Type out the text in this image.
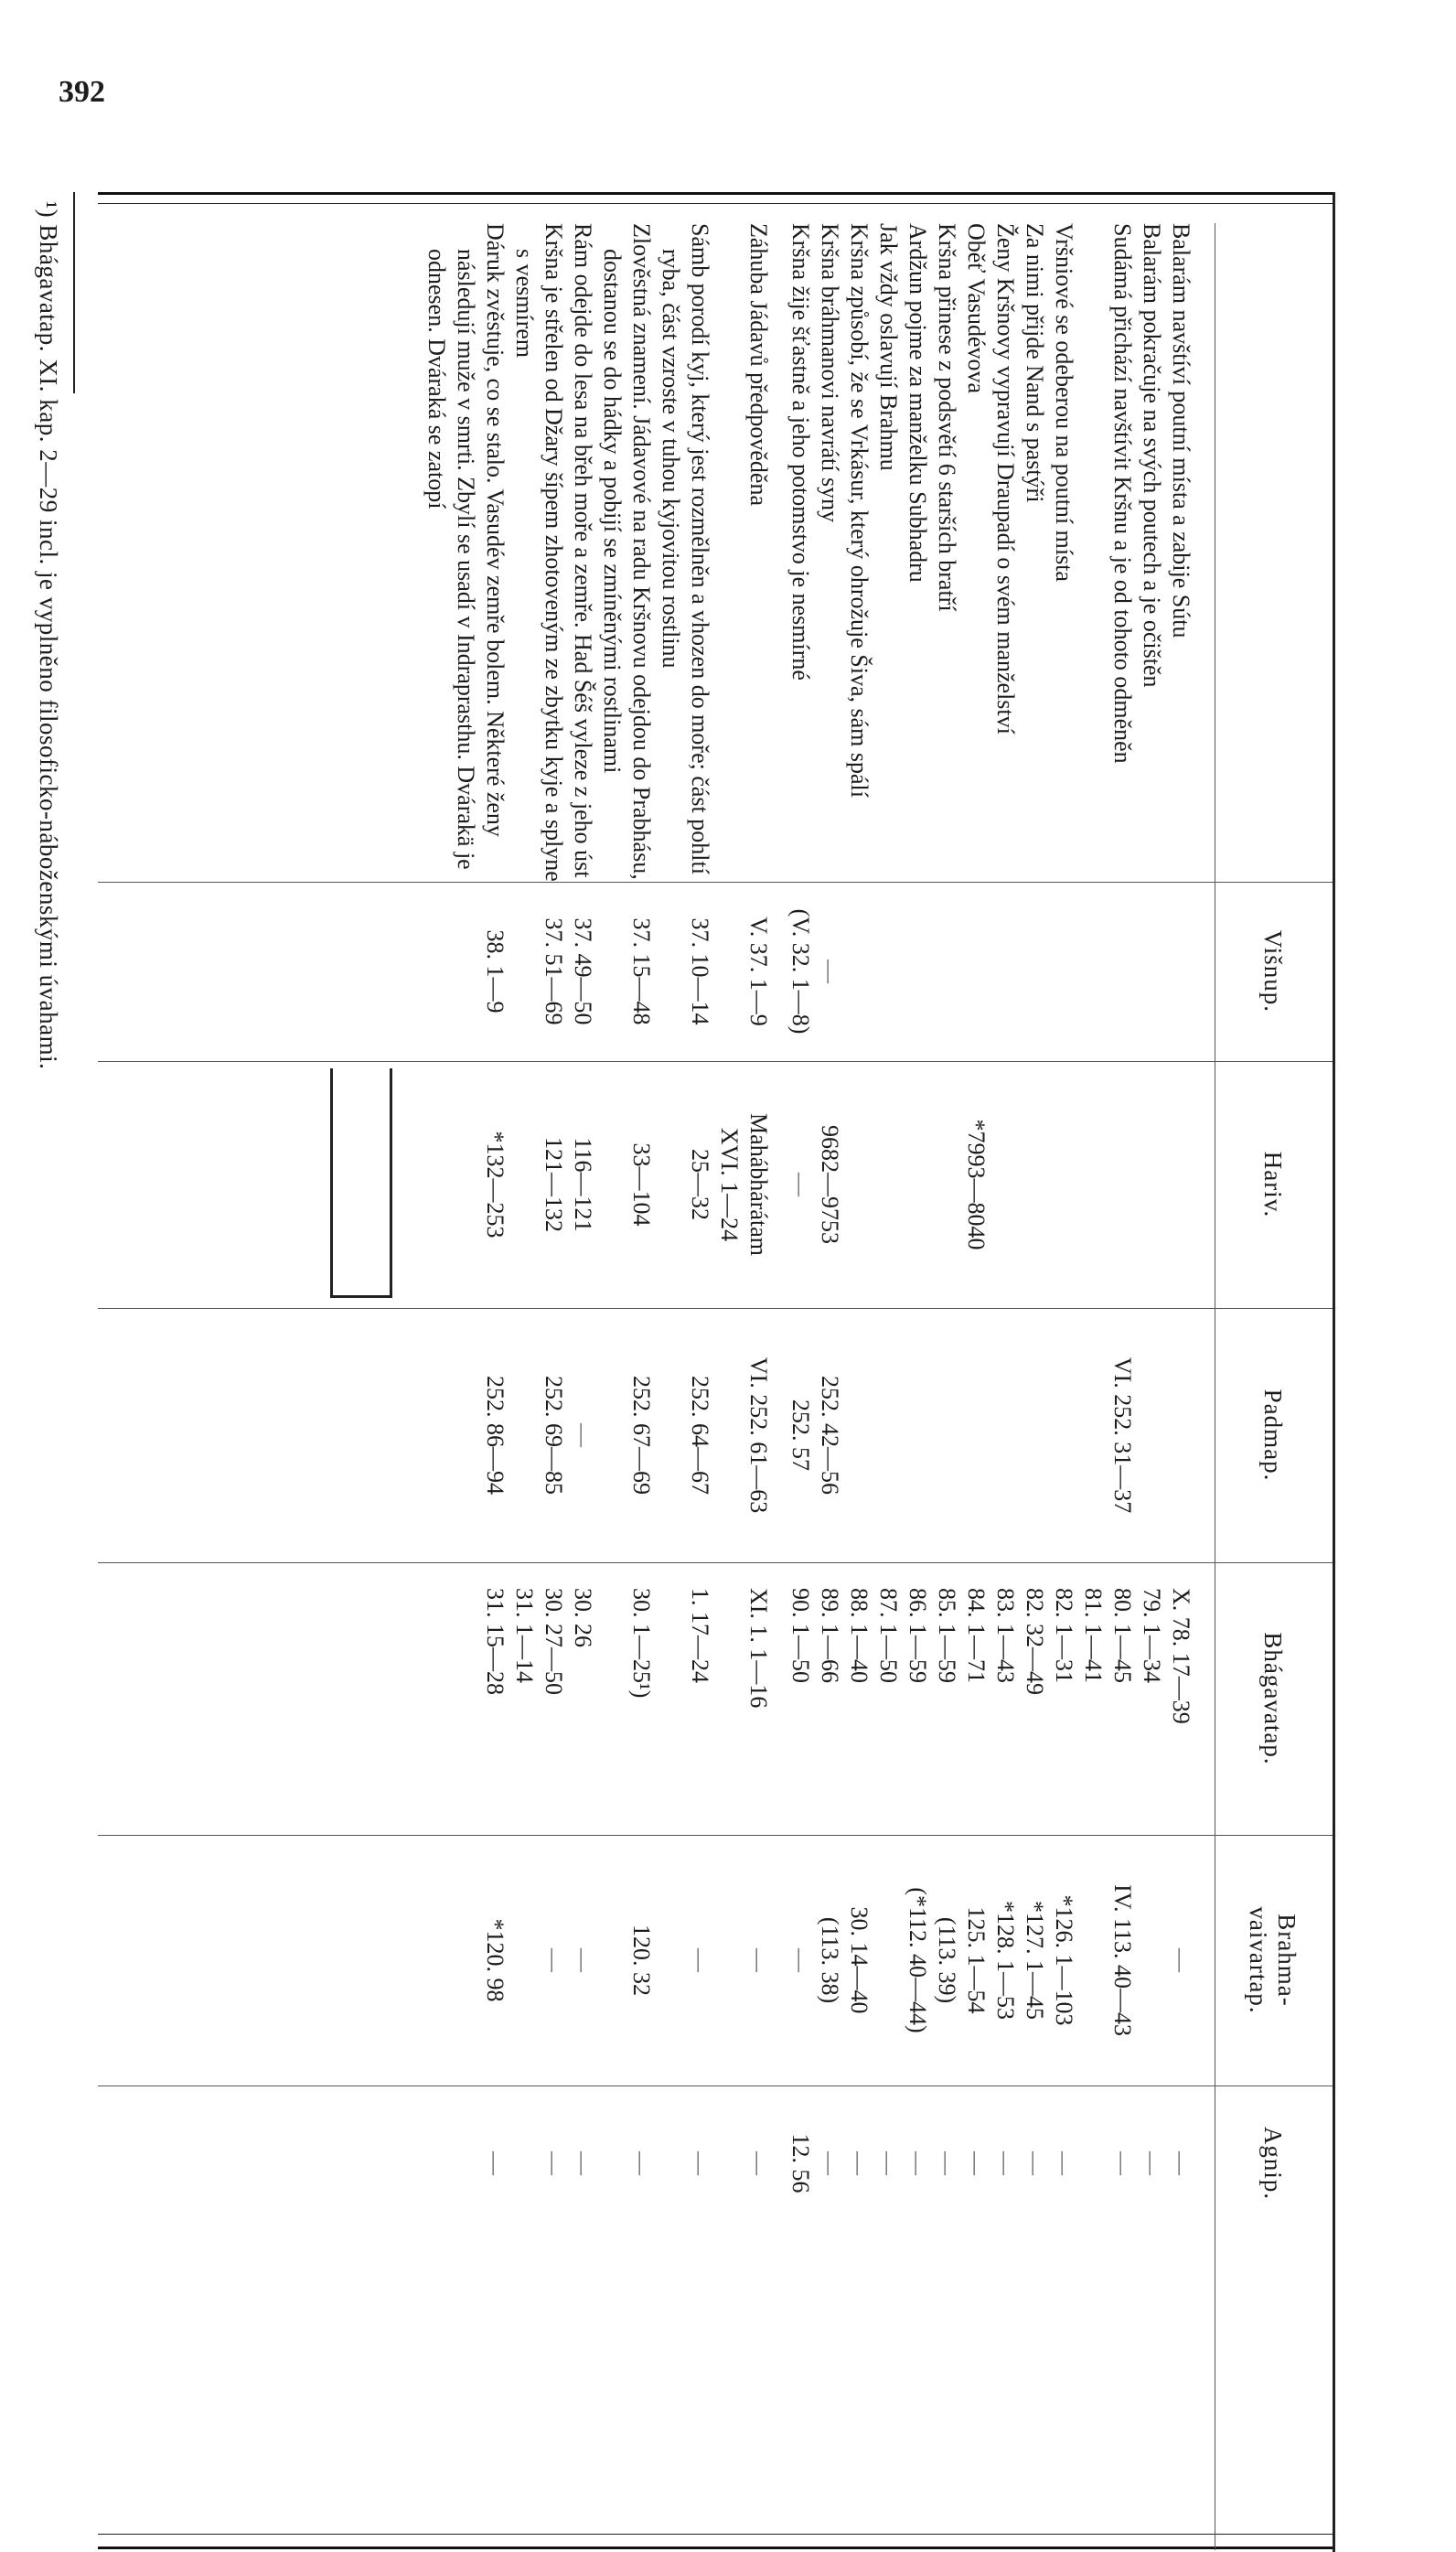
392
Višnup.
Hariv.
Padmap.
Bhágavatap.
Brahma-vaivartap.
Agnip.
Balarám navštíví poutní místa a zabije Sútu
X. 78. 17—39
—
—
Balarám pokračuje na svých poutech a je očištěn
79. 1—34
—
Sudámá přichází navštívit Kršnu a je od tohoto odměněn
VI. 252. 31—37
80. 1—45
81. 1—41
IV. 113. 40—43
—
Vršniové se odeberou na poutní místa
82. 1—31
*126. 1—103
—
Za nimi přijde Nand s pastýři
82. 32—49
*127. 1—45
—
Ženy Kršnovy vypravují Draupadí o svém manželství
83. 1—43
*128. 1—53
—
Oběť Vasudévova
*7993—8040
84. 1—71
125. 1—54
—
Kršna přinese z podsvětí 6 starších bratří
85. 1—59
(113. 39)
—
Ardžun pojme za manželku Subhadru
86. 1—59
(*112. 40—44)
—
Jak vždy oslavují Brahmu
87. 1—50
—
Kršna způsobí, že se Vrkásur, který ohrožuje Šiva, sám spálí
88. 1—40
30. 14—40
—
Kršna bráhmanovi navrátí syny
—
9682—9753
252. 42—56
89. 1—66
(113. 38)
—
Kršna žije šťastně a jeho potomstvo je nesmírné
(V. 32. 1—8)
—
252. 57
90. 1—50
—
12. 56
Záhuba Jádavů předpověděna
V. 37. 1—9
Mahábhárátam
XVI. 1—24
VI. 252. 61—63
XI. 1. 1—16
—
—
Sámb porodí kyj, který jest rozmělněn a vhozen do moře; část pohltí ryba, část vzroste v tuhou kyjovitou rostlinu
37. 10—14
25—32
252. 64—67
1. 17—24
—
—
Zlověstná znamení. Jádavové na radu Kršnovu odejdou do Prabhásu, dostanou se do hádky a pobijí se zmíněnými rostlinami
37. 15—48
33—104
252. 67—69
30. 1—25¹)
120. 32
—
Rám odejde do lesa na břeh moře a zemře. Had Šéš vyleze z jeho úst
37. 49—50
116—121
—
30. 26
—
—
Kršna je střelen od Džary šípem zhotoveným ze zbytku kyje a splyne s vesmírem
37. 51—69
121—132
252. 69—85
30. 27—50
31. 1—14
—
—
Dáruk zvěstuje, co se stalo. Vasudév zemře bolem. Některé ženy následují muže v smrti. Zbylí se usadí v Indraprasthu. Dvárakä je odnesen. Dváraká se zatopí
38. 1—9
*132—253
252. 86—94
31. 15—28
*120. 98
—
¹) Bhágavatap. XI. kap. 2—29 incl. je vyplněno filosoficko-náboženskými úvahami.
